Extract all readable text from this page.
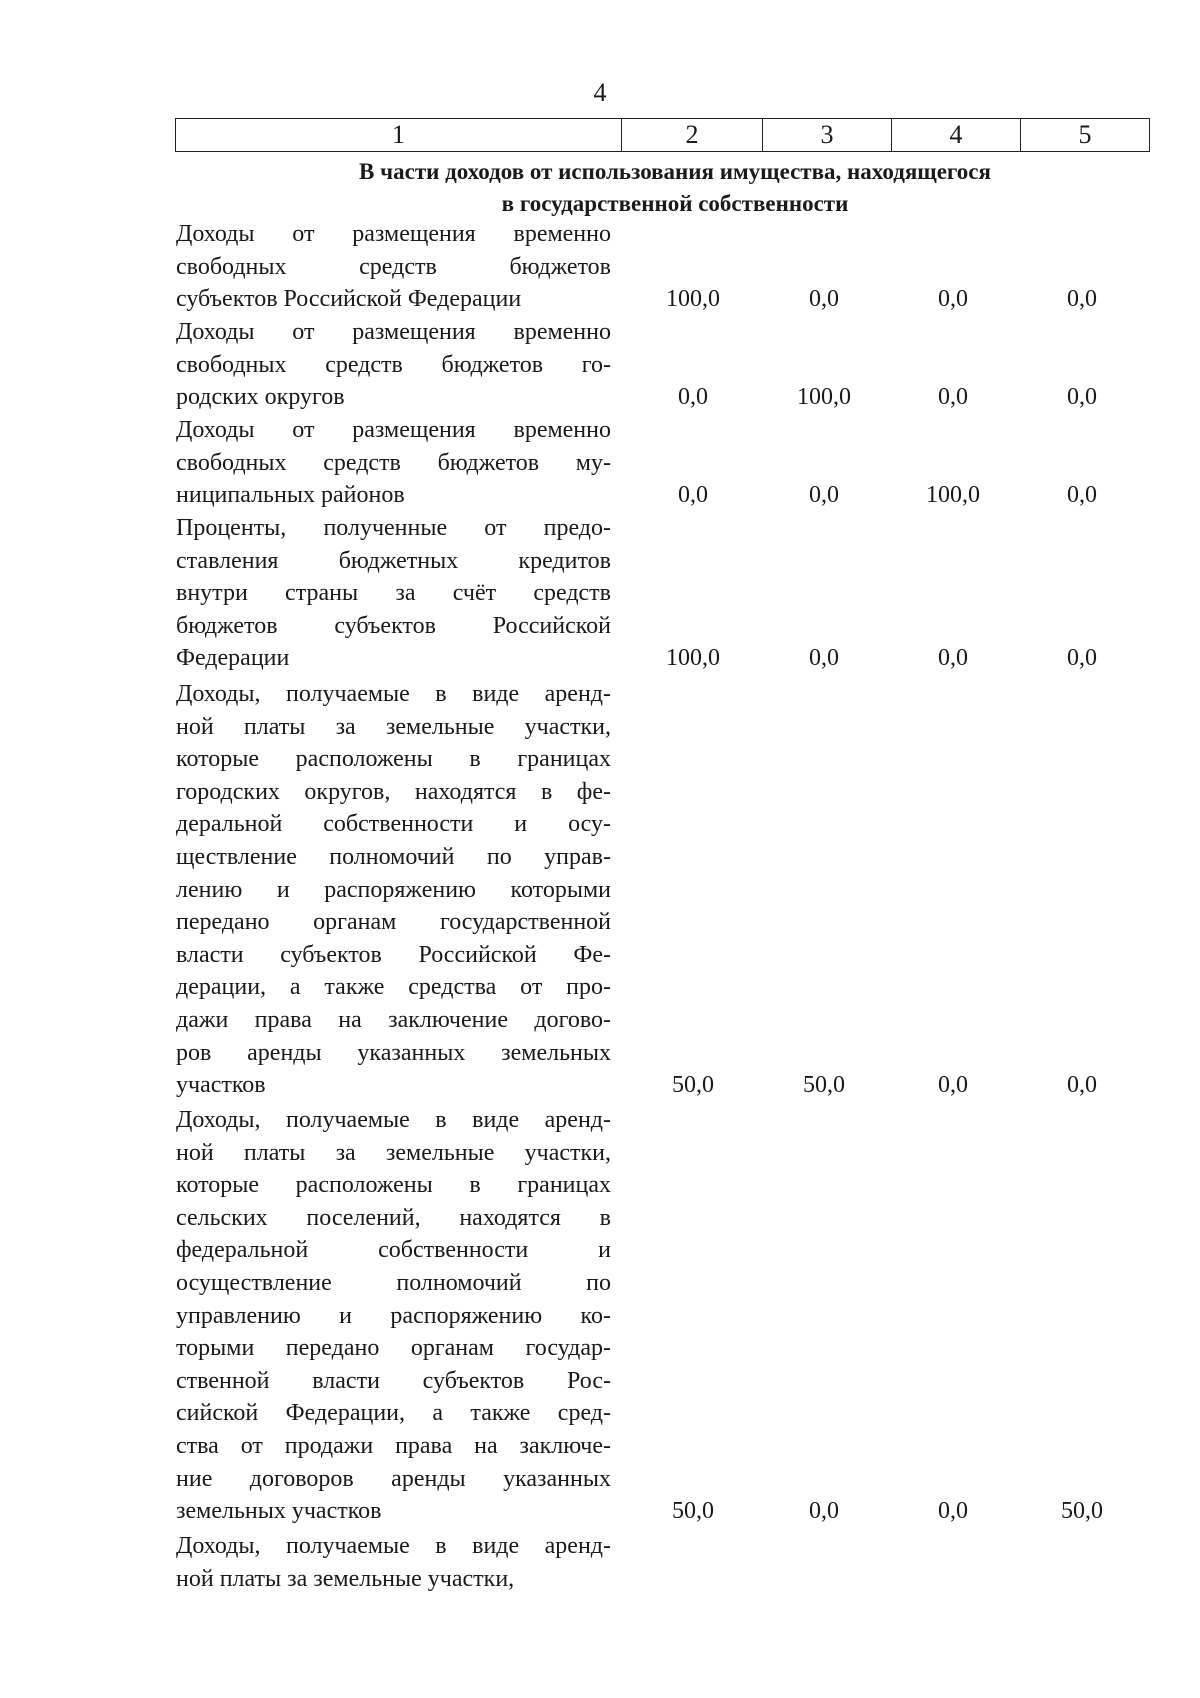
4
1	2	3	4	5
В части доходов от использования имущества, находящегося
в государственной собственности
Доходы от размещения временно
свободных средств бюджетов
субъектов Российской Федерации	100,0	0,0	0,0	0,0
Доходы от размещения временно
свободных средств бюджетов го-
родских округов	0,0	100,0	0,0	0,0
Доходы от размещения временно
свободных средств бюджетов му-
ниципальных районов	0,0	0,0	100,0	0,0
Проценты, полученные от предо-
ставления бюджетных кредитов
внутри страны за счёт средств
бюджетов субъектов Российской
Федерации	100,0	0,0	0,0	0,0
Доходы, получаемые в виде аренд-
ной платы за земельные участки,
которые расположены в границах
городских округов, находятся в фе-
деральной собственности и осу-
ществление полномочий по управ-
лению и распоряжению которыми
передано органам государственной
власти субъектов Российской Фе-
дерации, а также средства от про-
дажи права на заключение догово-
ров аренды указанных земельных
участков	50,0	50,0	0,0	0,0
Доходы, получаемые в виде аренд-
ной платы за земельные участки,
которые расположены в границах
сельских поселений, находятся в
федеральной собственности и
осуществление полномочий по
управлению и распоряжению ко-
торыми передано органам государ-
ственной власти субъектов Рос-
сийской Федерации, а также сред-
ства от продажи права на заключе-
ние договоров аренды указанных
земельных участков	50,0	0,0	0,0	50,0
Доходы, получаемые в виде аренд-
ной платы за земельные участки,
